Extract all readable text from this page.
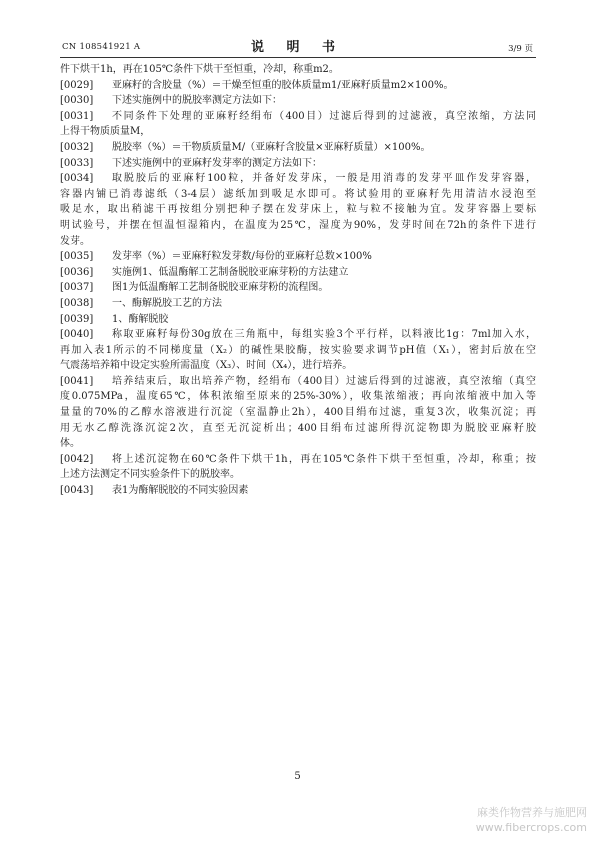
CN 108541921 A	说 明 书	3/9 页
件下烘干1h，再在105℃条件下烘干至恒重，冷却，称重m2。
[0029]	亚麻籽的含胶量（%）＝干燥至恒重的胶体质量m1/亚麻籽质量m2×100%。
[0030]	下述实施例中的脱胶率测定方法如下：
[0031]	不同条件下处理的亚麻籽经绢布（400目）过滤后得到的过滤液，真空浓缩，方法同
上得干物质质量M，
[0032]	脱胶率（%）＝干物质质量M/（亚麻籽含胶量×亚麻籽质量）×100%。
[0033]	下述实施例中的亚麻籽发芽率的测定方法如下：
[0034]	取脱胶后的亚麻籽100粒，并备好发芽床，一般是用消毒的发芽平皿作发芽容器，
容器内铺已消毒滤纸（3-4层）滤纸加到吸足水即可。将试验用的亚麻籽先用清洁水浸泡至
吸足水，取出稍滤干再按组分别把种子摆在发芽床上，粒与粒不接触为宜。发芽容器上要标
明试验号，并摆在恒温恒湿箱内，在温度为25℃，湿度为90%，发芽时间在72h的条件下进行
发芽。
[0035]	发芽率（%）＝亚麻籽粒发芽数/每份的亚麻籽总数×100%
[0036]	实施例1、低温酶解工艺制备脱胶亚麻芽粉的方法建立
[0037]	图1为低温酶解工艺制备脱胶亚麻芽粉的流程图。
[0038]	一、酶解脱胶工艺的方法
[0039]	1、酶解脱胶
[0040]	称取亚麻籽每份30g放在三角瓶中，每组实验3个平行样，以料液比1g：7ml加入水，
再加入表1所示的不同梯度量（X₂）的碱性果胶酶，按实验要求调节pH值（X₁），密封后放在空
气震荡培养箱中设定实验所需温度（X₃）、时间（X₄），进行培养。
[0041]	培养结束后，取出培养产物，经绢布（400目）过滤后得到的过滤液，真空浓缩（真空
度0.075MPa，温度65℃，体积浓缩至原来的25%-30%），收集浓缩液；再向浓缩液中加入等
量量的70%的乙醇水溶液进行沉淀（室温静止2h），400目绢布过滤，重复3次，收集沉淀；再
用无水乙醇洗涤沉淀2次，直至无沉淀析出；400目绢布过滤所得沉淀物即为脱胶亚麻籽胶
体。
[0042]	将上述沉淀物在60℃条件下烘干1h，再在105℃条件下烘干至恒重，冷却，称重；按
上述方法测定不同实验条件下的脱胶率。
[0043]	表1为酶解脱胶的不同实验因素
5
麻类作物营养与施肥网
www.fibercrops.com
